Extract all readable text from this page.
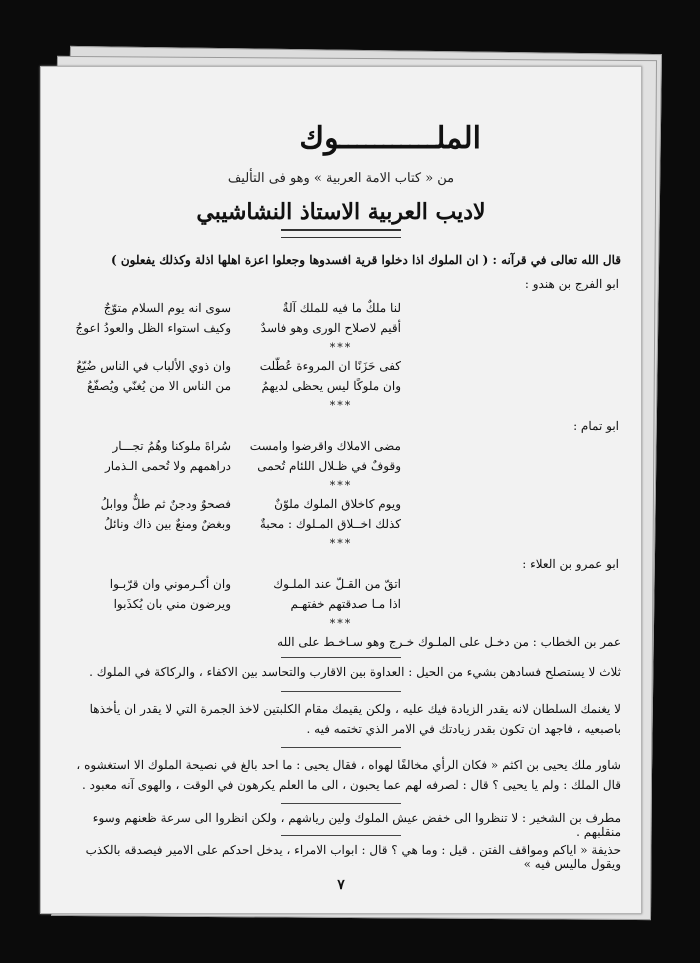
الملـــــــــــوك
من « كتاب الامة العربية » وهو فى التأليف
لاديب العربية الاستاذ النشاشيبي
قال الله تعالى في قرآنه : ( ان الملوك اذا دخلوا قرية افسدوها وجعلوا اعزة اهلها اذلة وكذلك يفعلون )
ابو الفرج بن هندو :
لنا ملكٌ ما فيه للملك آلةٌ
سوى انه يوم السلام متوّجٌ
أقيم لاصلاح الورى وهو فاسدٌ
وكيف استواء الظل والعودُ اعوجُ
***
كفى حَزَنًا ان المروءة عُطّلت
وان ذوي الألباب في الناس ضُيّعُ
وان ملوكًا ليس يحظى لديهمُ
من الناس الا من يُغنّي ويُصفّعُ
***
ابو تمام :
مضى الاملاك واقرضوا وامست
سُراةَ ملوكنا وهُمُ تجـــار
وقوفٌ في ظـلال اللئام تُحمى
دراهمهم ولا تُحمى الـذمار
***
ويوم كاخلاق الملوك ملوّنٌ
فصحوٌ ودجنٌ ثم طلٌّ ووابلُ
كذلك اخــلاق المـلوك : محبةٌ
وبغضٌ ومنعٌ بين ذاك ونائلُ
***
ابو عمرو بن العلاء :
اتقّ من القـلّ عند الملـوك
وان أكـرموني وان قرّبـوا
اذا مـا صدقتهم خفتهـم
ويرضون مني بان يُكذَبوا
***
عمر بن الخطاب : من دخـل على الملـوك خـرج وهو سـاخـط على الله
ثلاث لا يستصلح فسادهن بشيء من الحيل : العداوة بين الاقارب والتحاسد بين الاكفاء ، والركاكة في الملوك .
لا يغنمك السلطان لانه يقدر الزيادة فيك عليه ، ولكن يقيمك مقام الكلبتين لاخذ الجمرة التي لا يقدر ان يأخذها باصبعيه ، فاجهد ان تكون بقدر زيادتك في الامر الذي تختمه فيه .
شاور ملك يحيى بن اكثم « فكان الرأي مخالفًا لهواه ، فقال يحيى : ما احد بالغ في نصيحة الملوك الا استغشوه ، قال الملك : ولم يا يحيى ؟ قال : لصرفه لهم عما يحبون ، الى ما العلم يكرهون في الوقت ، والهوى آنه معبود .
مطرف بن الشخير : لا تنظروا الى خفض عيش الملوك ولين رياشهم ، ولكن انظروا الى سرعة ظعنهم وسوء منقلبهم .
حذيفة « اياكم ومواقف الفتن . قيل : وما هي ؟ قال : ابواب الامراء ، يدخل احدكم على الامير فيصدقه بالكذب ويقول ماليس فيه »
٧
